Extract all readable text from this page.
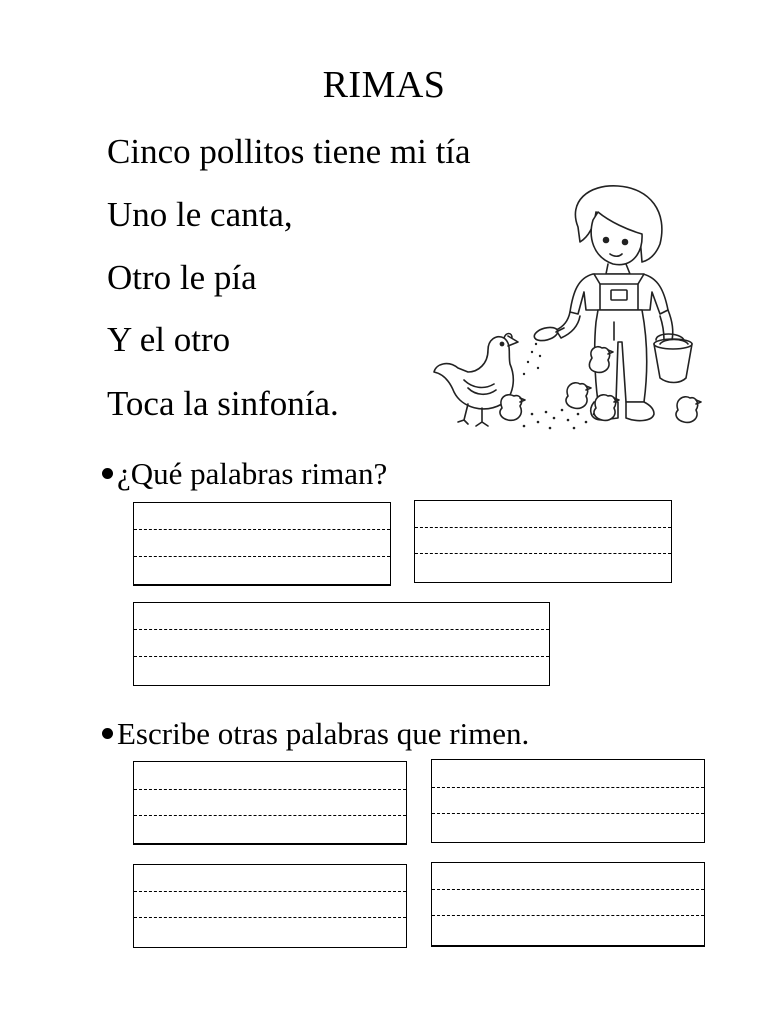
RIMAS
Cinco pollitos tiene mi tía
Uno le canta,
Otro le pía
Y el otro
Toca la sinfonía.
¿Qué palabras riman?
Escribe otras palabras que rimen.
